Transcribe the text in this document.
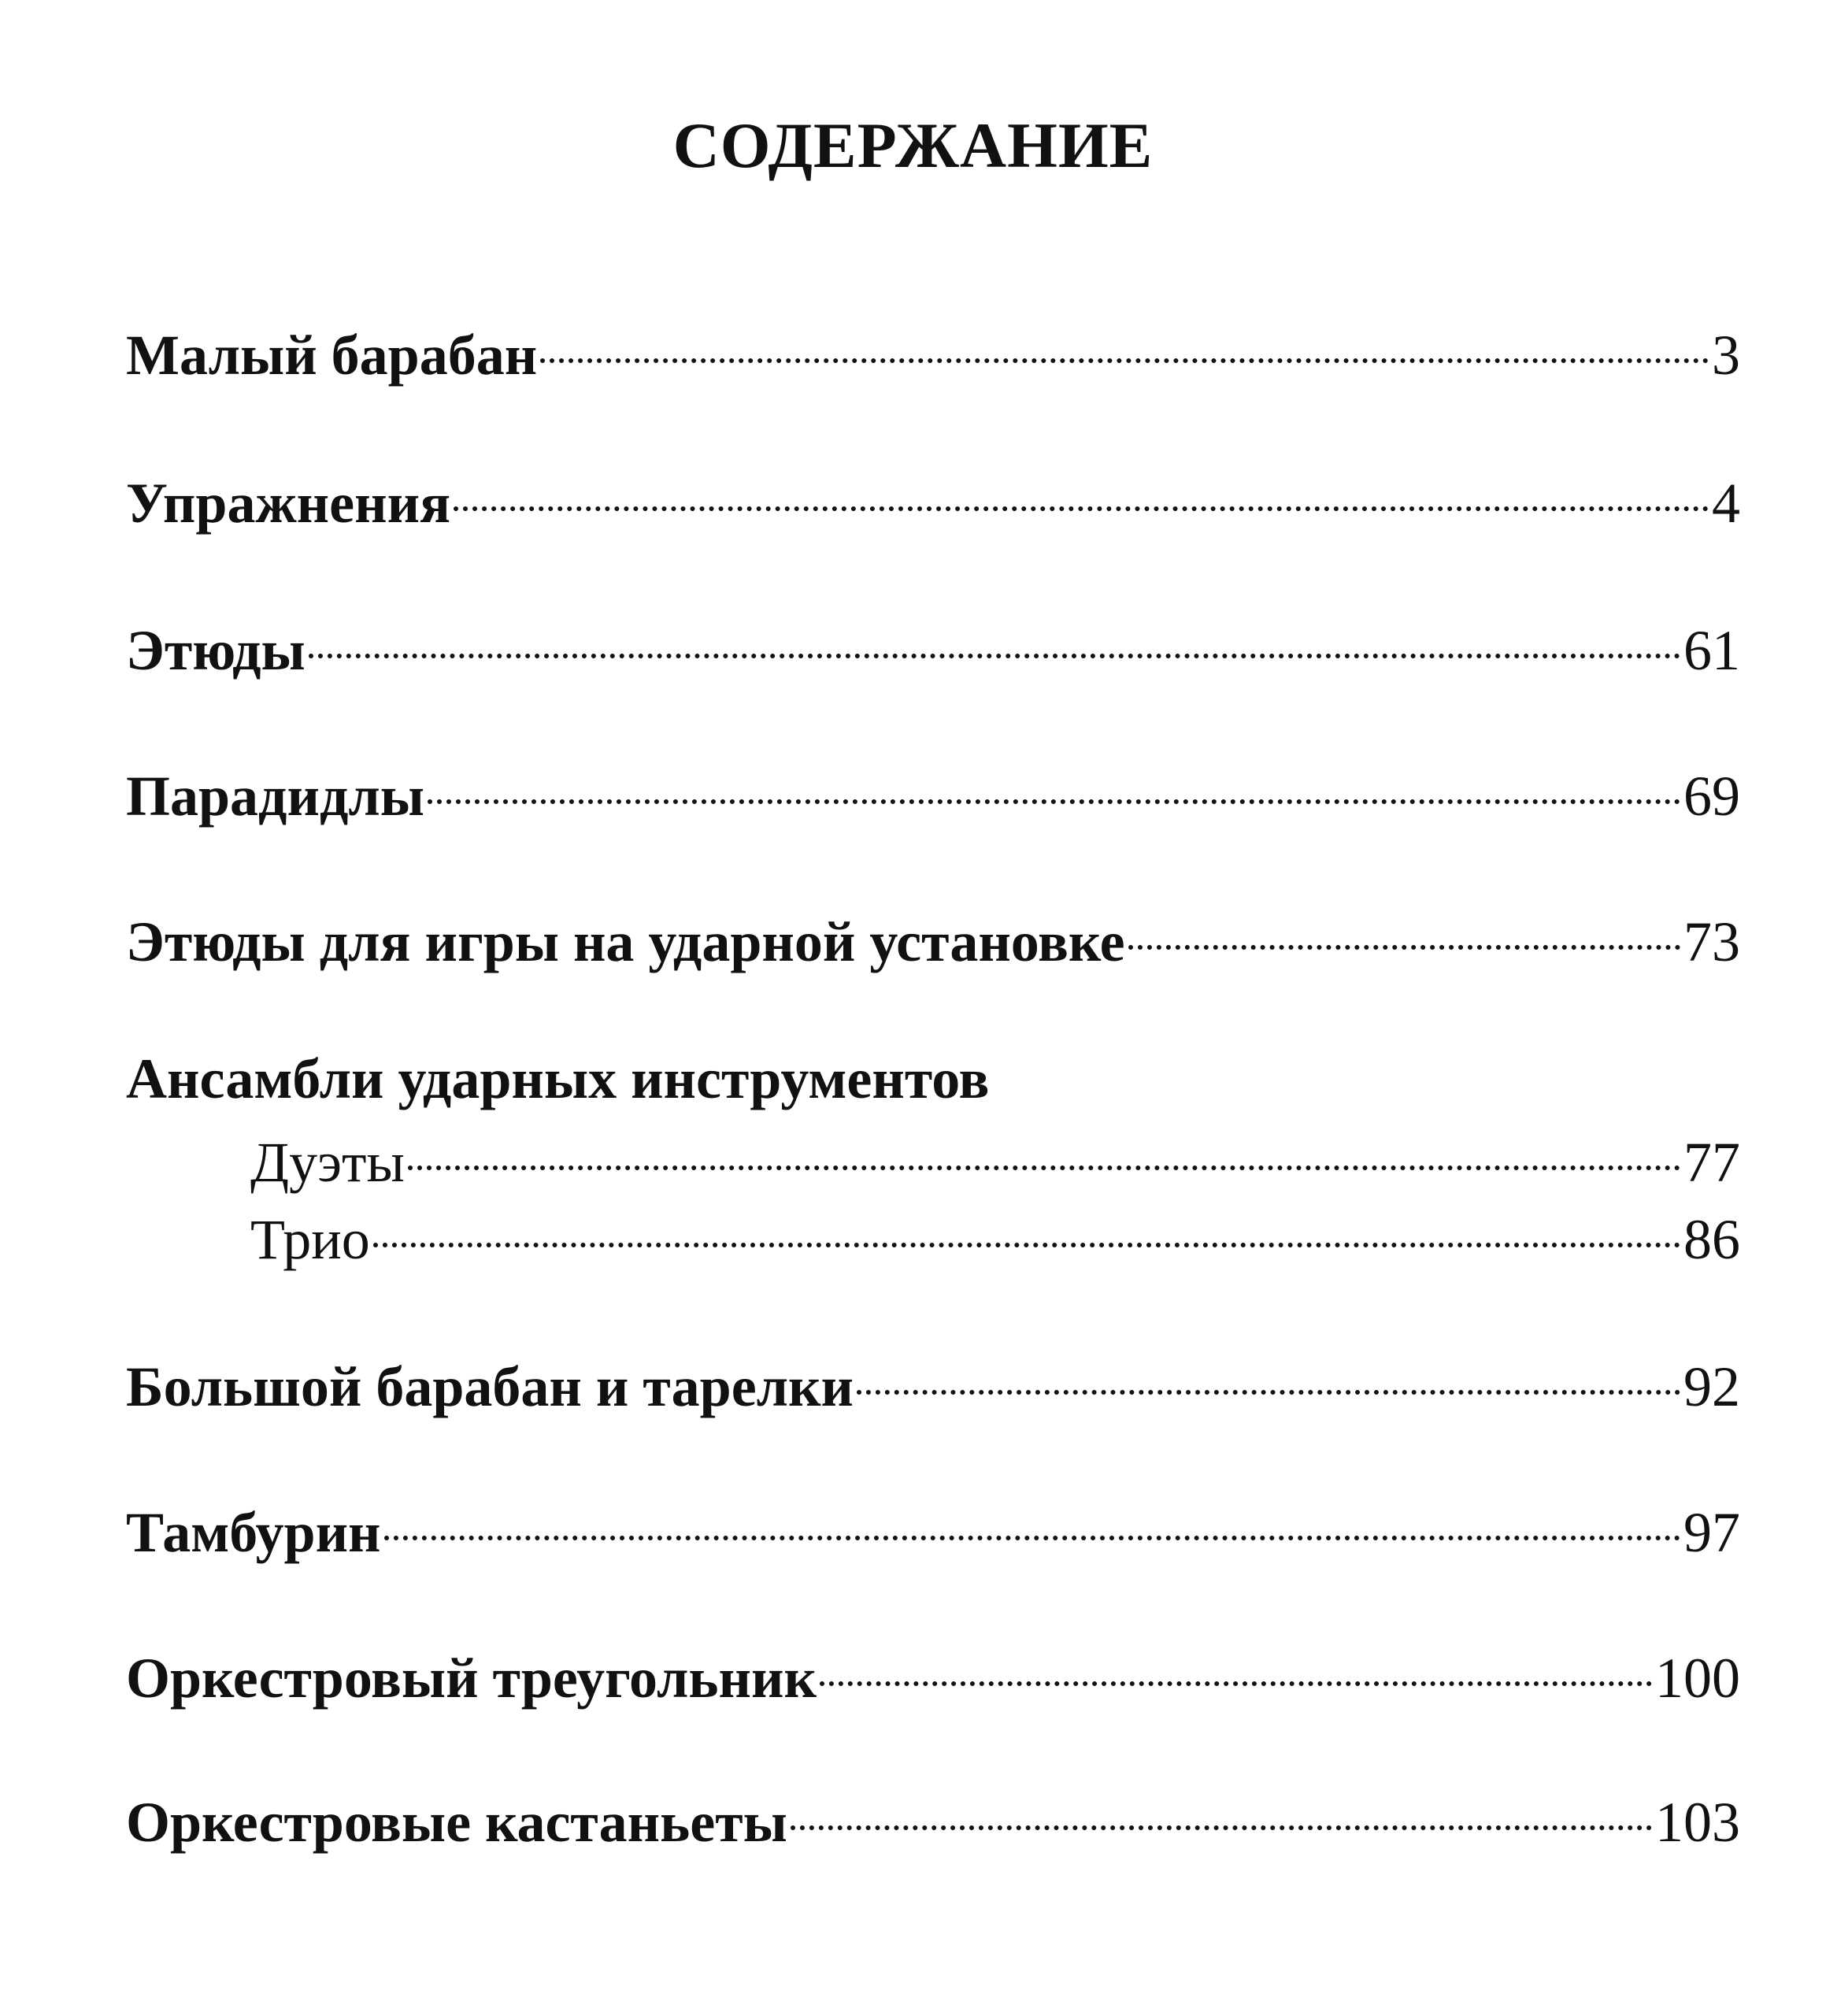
СОДЕРЖАНИЕ
Малый барабан	3
Упражнения	4
Этюды	61
Парадидлы	69
Этюды для игры на ударной установке	73
Ансамбли ударных инструментов
Дуэты	77
Трио	86
Большой барабан и тарелки	92
Тамбурин	97
Оркестровый треугольник	100
Оркестровые кастаньеты	103
